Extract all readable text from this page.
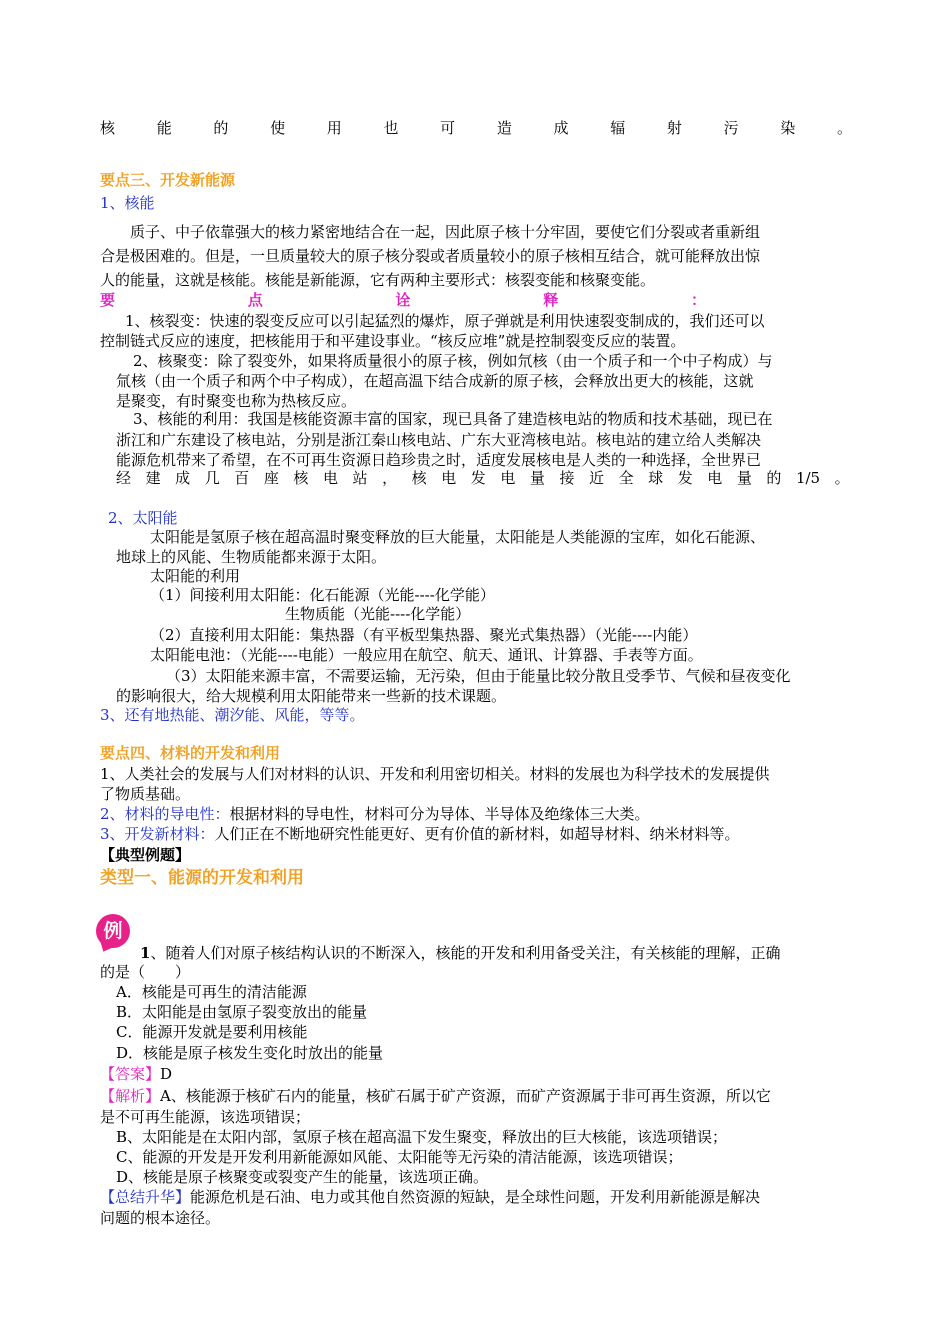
核	能	的	使	用	也	可	造	成	辐	射	污	染	。
要点三、开发新能源
1、核能
质子、中子依靠强大的核力紧密地结合在一起，因此原子核十分牢固，要使它们分裂或者重新组
合是极困难的。但是，一旦质量较大的原子核分裂或者质量较小的原子核相互结合，就可能释放出惊
人的能量，这就是核能。核能是新能源，它有两种主要形式：核裂变能和核聚变能。
要	点	诠	释	：
1、核裂变：快速的裂变反应可以引起猛烈的爆炸，原子弹就是利用快速裂变制成的，我们还可以
控制链式反应的速度，把核能用于和平建设事业。“核反应堆”就是控制裂变反应的装置。
2、核聚变：除了裂变外，如果将质量很小的原子核，例如氘核（由一个质子和一个中子构成）与
氚核（由一个质子和两个中子构成），在超高温下结合成新的原子核，会释放出更大的核能，这就
是聚变，有时聚变也称为热核反应。
3、核能的利用：我国是核能资源丰富的国家，现已具备了建造核电站的物质和技术基础，现已在
浙江和广东建设了核电站，分别是浙江秦山核电站、广东大亚湾核电站。核电站的建立给人类解决
能源危机带来了希望，在不可再生资源日趋珍贵之时，适度发展核电是人类的一种选择，全世界已
经 建 成 几 百 座 核 电 站 ， 核 电 发 电 量 接 近 全 球 发 电 量 的 1/5 。
2、太阳能
太阳能是氢原子核在超高温时聚变释放的巨大能量，太阳能是人类能源的宝库，如化石能源、
地球上的风能、生物质能都来源于太阳。
太阳能的利用
（1）间接利用太阳能：化石能源（光能----化学能）
生物质能（光能----化学能）
（2）直接利用太阳能：集热器（有平板型集热器、聚光式集热器）（光能----内能）
太阳能电池：（光能----电能）一般应用在航空、航天、通讯、计算器、手表等方面。
（3）太阳能来源丰富，不需要运输，无污染，但由于能量比较分散且受季节、气候和昼夜变化
的影响很大，给大规模利用太阳能带来一些新的技术课题。
3、还有地热能、潮汐能、风能，等等。
要点四、材料的开发和利用
1、人类社会的发展与人们对材料的认识、开发和利用密切相关。材料的发展也为科学技术的发展提供
了物质基础。
2、材料的导电性：根据材料的导电性，材料可分为导体、半导体及绝缘体三大类。
3、开发新材料：人们正在不断地研究性能更好、更有价值的新材料，如超导材料、纳米材料等。
【典型例题】
类型一、能源的开发和利用
例
1、随着人们对原子核结构认识的不断深入，核能的开发和利用备受关注，有关核能的理解，正确
的是（　　）
A．核能是可再生的清洁能源
B．太阳能是由氢原子裂变放出的能量
C．能源开发就是要利用核能
D．核能是原子核发生变化时放出的能量
【答案】D
【解析】A、核能源于核矿石内的能量，核矿石属于矿产资源，而矿产资源属于非可再生资源，所以它
是不可再生能源，该选项错误；
B、太阳能是在太阳内部，氢原子核在超高温下发生聚变，释放出的巨大核能，该选项错误；
C、能源的开发是开发利用新能源如风能、太阳能等无污染的清洁能源，该选项错误；
D、核能是原子核聚变或裂变产生的能量，该选项正确。
【总结升华】能源危机是石油、电力或其他自然资源的短缺，是全球性问题，开发利用新能源是解决
问题的根本途径。
